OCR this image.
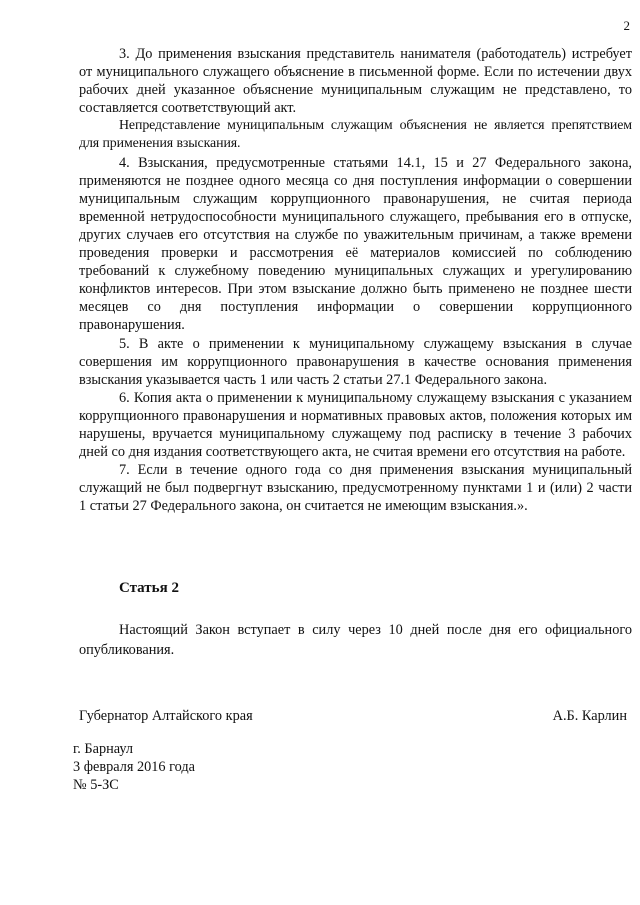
2

3. До применения взыскания представитель нанимателя (работодатель) истребует от муниципального служащего объяснение в письменной форме. Если по истечении двух рабочих дней указанное объяснение муниципальным служащим не представлено, то составляется соответствующий акт.

Непредставление муниципальным служащим объяснения не является препятствием для применения взыскания.

4. Взыскания, предусмотренные статьями 14.1, 15 и 27 Федерального закона, применяются не позднее одного месяца со дня поступления информации о совершении муниципальным служащим коррупционного правонарушения, не считая периода временной нетрудоспособности муниципального служащего, пребывания его в отпуске, других случаев его отсутствия на службе по уважительным причинам, а также времени проведения проверки и рассмотрения её материалов комиссией по соблюдению требований к служебному поведению муниципальных служащих и урегулированию конфликтов интересов. При этом взыскание должно быть применено не позднее шести месяцев со дня поступления информации о совершении коррупционного правонарушения.

5. В акте о применении к муниципальному служащему взыскания в случае совершения им коррупционного правонарушения в качестве основания применения взыскания указывается часть 1 или часть 2 статьи 27.1 Федерального закона.

6. Копия акта о применении к муниципальному служащему взыскания с указанием коррупционного правонарушения и нормативных правовых актов, положения которых им нарушены, вручается муниципальному служащему под расписку в течение 3 рабочих дней со дня издания соответствующего акта, не считая времени его отсутствия на работе.

7. Если в течение одного года со дня применения взыскания муниципальный служащий не был подвергнут взысканию, предусмотренному пунктами 1 и (или) 2 части 1 статьи 27 Федерального закона, он считается не имеющим взыскания.».

Статья 2

Настоящий Закон вступает в силу через 10 дней после дня его официального опубликования.

Губернатор Алтайского края	А.Б. Карлин
г. Барнаул
3 февраля 2016 года
№ 5-ЗС
